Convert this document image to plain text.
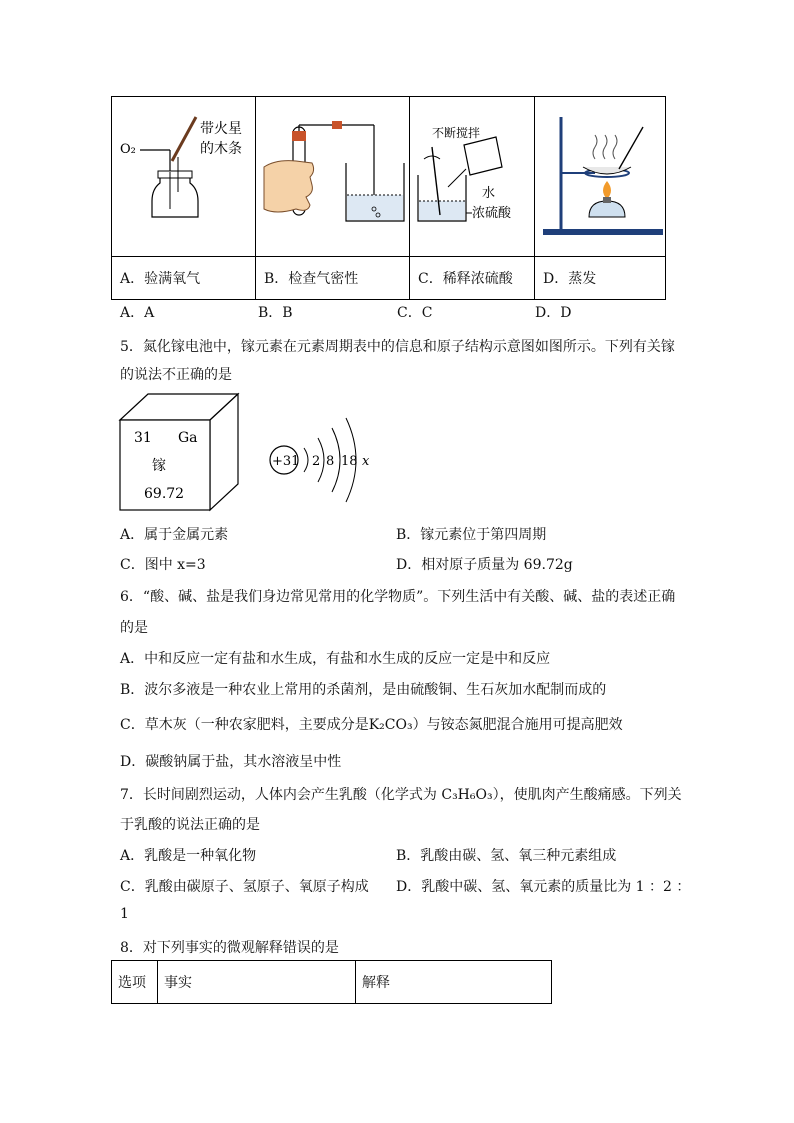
O₂
带火星
的木条		不断搅拌
水
浓硫酸

A．验满氧气	B．检查气密性	C．稀释浓硫酸	D．蒸发
A．A	B．B	C．C	D．D
5．氮化镓电池中，镓元素在元素周期表中的信息和原子结构示意图如图所示。下列有关镓
的说法不正确的是
31 Ga
镓
69.72
+31 2 8 18 x
A．属于金属元素	B．镓元素位于第四周期
C．图中 x=3	D．相对原子质量为 69.72g
6．“酸、碱、盐是我们身边常见常用的化学物质”。下列生活中有关酸、碱、盐的表述正确
的是
A．中和反应一定有盐和水生成，有盐和水生成的反应一定是中和反应
B．波尔多液是一种农业上常用的杀菌剂，是由硫酸铜、生石灰加水配制而成的
C．草木灰（一种农家肥料，主要成分是K₂CO₃）与铵态氮肥混合施用可提高肥效
D．碳酸钠属于盐，其水溶液呈中性
7．长时间剧烈运动，人体内会产生乳酸（化学式为 C₃H₆O₃），使肌肉产生酸痛感。下列关
于乳酸的说法正确的是
A．乳酸是一种氧化物	B．乳酸由碳、氢、氧三种元素组成
C．乳酸由碳原子、氢原子、氧原子构成 D．乳酸中碳、氢、氧元素的质量比为 1 ：2 ：
1
8．对下列事实的微观解释错误的是
选项	事实	解释
